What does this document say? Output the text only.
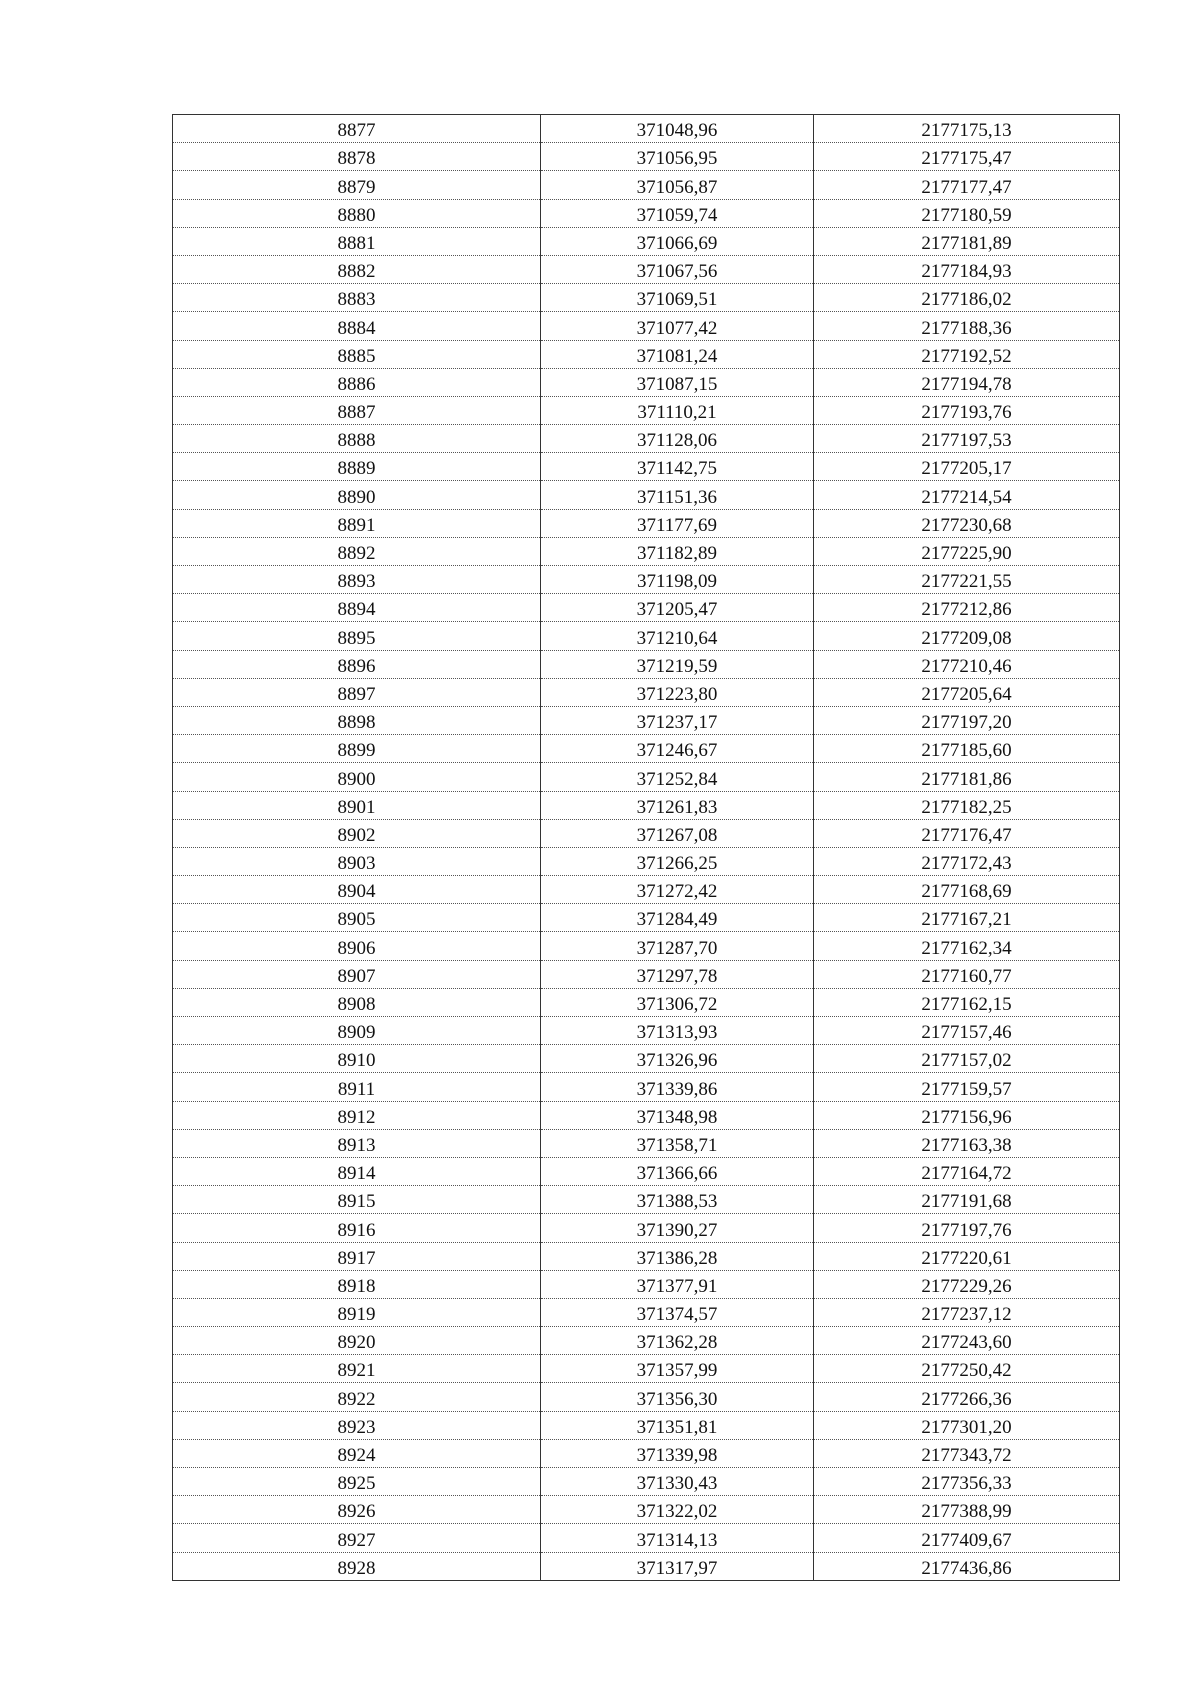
8877	371048,96	2177175,13
8878	371056,95	2177175,47
8879	371056,87	2177177,47
8880	371059,74	2177180,59
8881	371066,69	2177181,89
8882	371067,56	2177184,93
8883	371069,51	2177186,02
8884	371077,42	2177188,36
8885	371081,24	2177192,52
8886	371087,15	2177194,78
8887	371110,21	2177193,76
8888	371128,06	2177197,53
8889	371142,75	2177205,17
8890	371151,36	2177214,54
8891	371177,69	2177230,68
8892	371182,89	2177225,90
8893	371198,09	2177221,55
8894	371205,47	2177212,86
8895	371210,64	2177209,08
8896	371219,59	2177210,46
8897	371223,80	2177205,64
8898	371237,17	2177197,20
8899	371246,67	2177185,60
8900	371252,84	2177181,86
8901	371261,83	2177182,25
8902	371267,08	2177176,47
8903	371266,25	2177172,43
8904	371272,42	2177168,69
8905	371284,49	2177167,21
8906	371287,70	2177162,34
8907	371297,78	2177160,77
8908	371306,72	2177162,15
8909	371313,93	2177157,46
8910	371326,96	2177157,02
8911	371339,86	2177159,57
8912	371348,98	2177156,96
8913	371358,71	2177163,38
8914	371366,66	2177164,72
8915	371388,53	2177191,68
8916	371390,27	2177197,76
8917	371386,28	2177220,61
8918	371377,91	2177229,26
8919	371374,57	2177237,12
8920	371362,28	2177243,60
8921	371357,99	2177250,42
8922	371356,30	2177266,36
8923	371351,81	2177301,20
8924	371339,98	2177343,72
8925	371330,43	2177356,33
8926	371322,02	2177388,99
8927	371314,13	2177409,67
8928	371317,97	2177436,86
